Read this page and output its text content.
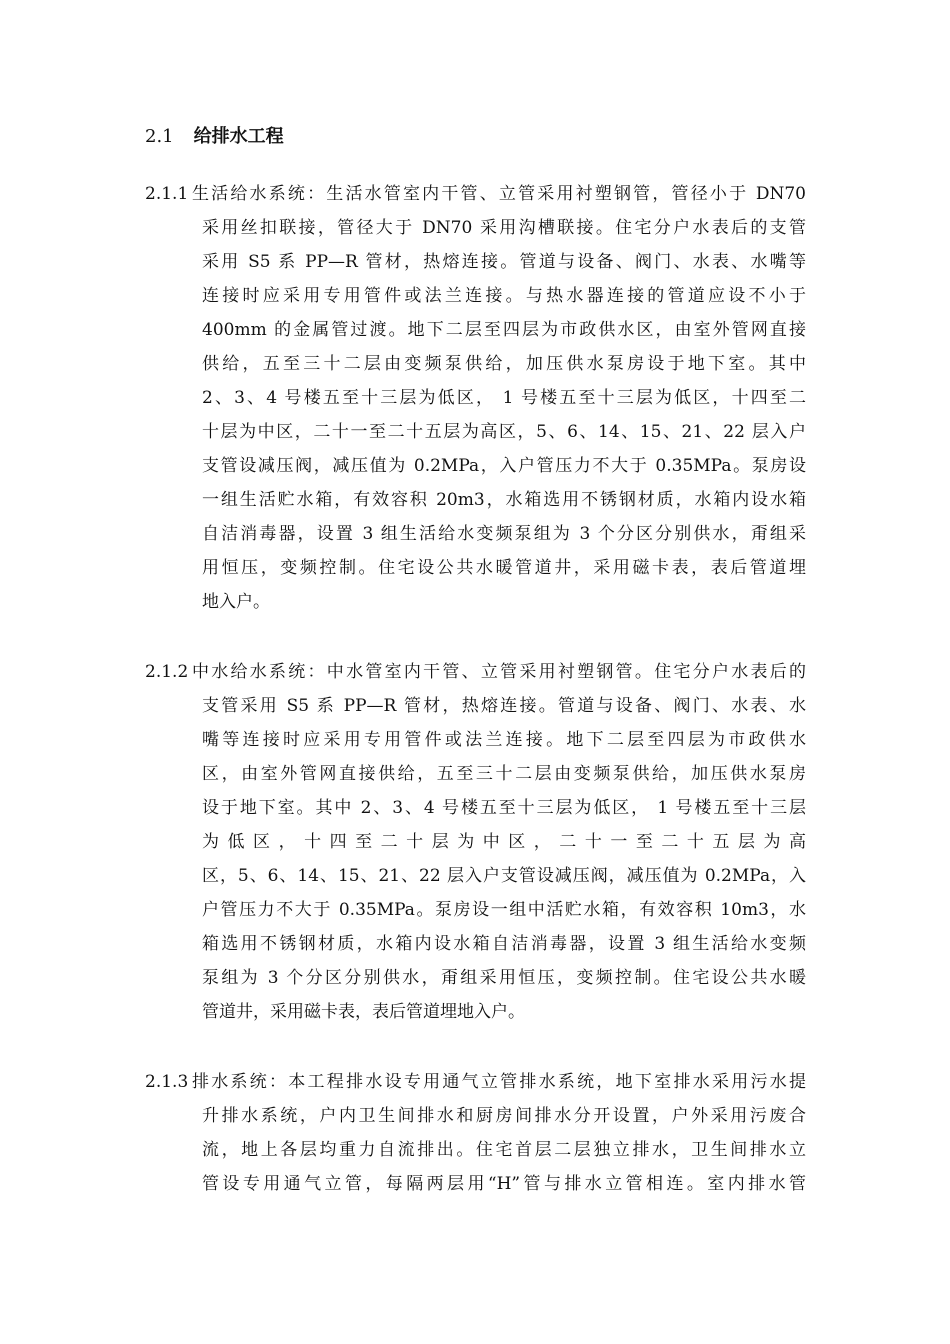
2.1 给排水工程
2.1.1 生活给水系统：生活水管室内干管、立管采用衬塑钢管，管径小于 DN70
采用丝扣联接，管径大于 DN70 采用沟槽联接。住宅分户水表后的支管
采用 S5 系 PP—R 管材，热熔连接。管道与设备、阀门、水表、水嘴等
连接时应采用专用管件或法兰连接。与热水器连接的管道应设不小于
400mm 的金属管过渡。地下二层至四层为市政供水区，由室外管网直接
供给，五至三十二层由变频泵供给，加压供水泵房设于地下室。其中
2、3、4 号楼五至十三层为低区， 1 号楼五至十三层为低区，十四至二
十层为中区，二十一至二十五层为高区，5、6、14、15、21、22 层入户
支管设减压阀，减压值为 0.2MPa，入户管压力不大于 0.35MPa。泵房设
一组生活贮水箱，有效容积 20m3，水箱选用不锈钢材质，水箱内设水箱
自洁消毒器，设置 3 组生活给水变频泵组为 3 个分区分别供水，甭组采
用恒压，变频控制。住宅设公共水暖管道井，采用磁卡表，表后管道埋
地入户。
2.1.2 中水给水系统：中水管室内干管、立管采用衬塑钢管。住宅分户水表后的
支管采用 S5 系 PP—R 管材，热熔连接。管道与设备、阀门、水表、水
嘴等连接时应采用专用管件或法兰连接。地下二层至四层为市政供水
区，由室外管网直接供给，五至三十二层由变频泵供给，加压供水泵房
设于地下室。其中 2、3、4 号楼五至十三层为低区， 1 号楼五至十三层
为 低 区 ， 十 四 至 二 十 层 为 中 区 ， 二 十 一 至 二 十 五 层 为 高
区，5、6、14、15、21、22 层入户支管设减压阀，减压值为 0.2MPa，入
户管压力不大于 0.35MPa。泵房设一组中活贮水箱，有效容积 10m3，水
箱选用不锈钢材质，水箱内设水箱自洁消毒器，设置 3 组生活给水变频
泵组为 3 个分区分别供水，甭组采用恒压，变频控制。住宅设公共水暖
管道井，采用磁卡表，表后管道埋地入户。
2.1.3 排水系统：本工程排水设专用通气立管排水系统，地下室排水采用污水提
升排水系统，户内卫生间排水和厨房间排水分开设置，户外采用污废合
流，地上各层均重力自流排出。住宅首层二层独立排水，卫生间排水立
管设专用通气立管，每隔两层用“H”管与排水立管相连。室内排水管
